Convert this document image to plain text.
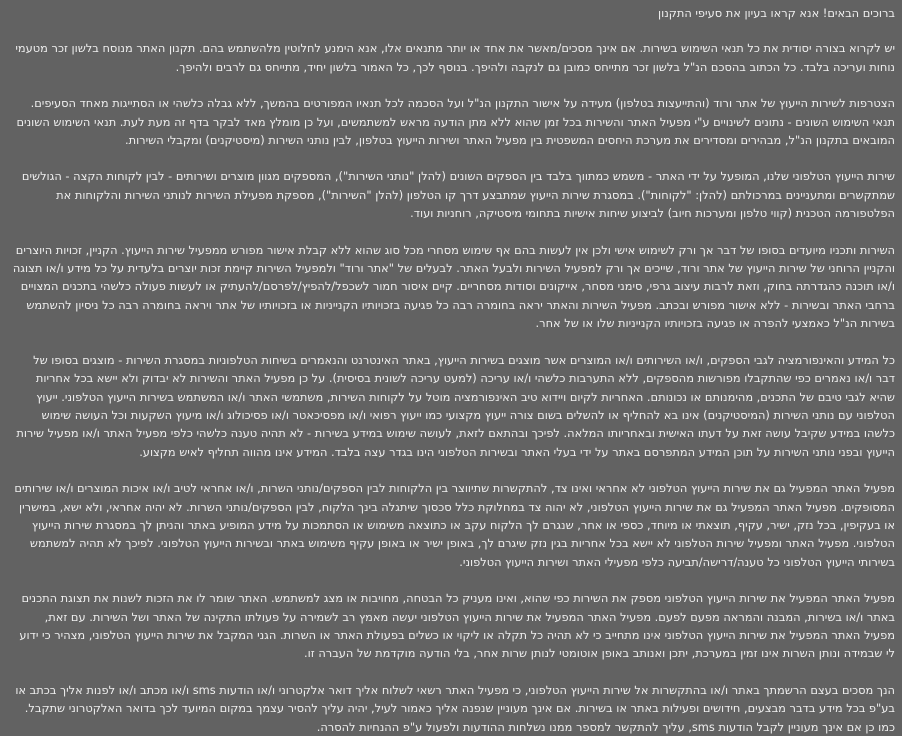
ברוכים הבאים! אנא קראו בעיון את סעיפי התקנון

יש לקרוא בצורה יסודית את כל תנאי השימוש בשירות. אם אינך מסכים/מאשר את אחד או יותר מתנאים אלו, אנא הימנע לחלוטין מלהשתמש בהם. תקנון האתר מנוסח בלשון זכר מטעמי נוחות ועריכה בלבד. כל הכתוב בהסכם הנ"ל בלשון זכר מתייחס כמובן גם לנקבה ולהיפך. בנוסף לכך, כל האמור בלשון יחיד, מתייחס גם לרבים ולהיפך.

הצטרפות לשירות הייעוץ של אתר ורוד (והתייעצות בטלפון) מעידה על אישור התקנון הנ"ל ועל הסכמה לכל תנאיו המפורטים בהמשך, ללא גבלה כלשהי או הסתייגות מאחד הסעיפים. תנאי השימוש השונים - נתונים לשינויים ע"י מפעיל האתר והשירות בכל זמן שהוא ללא מתן הודעה מראש למשתמשים, ועל כן מומלץ מאד לבקר בדף זה מעת לעת. תנאי השימוש השונים המובאים בתקנון הנ"ל, מבהירים ומסדירים את מערכת היחסים המשפטית בין מפעיל האתר ושירות הייעוץ בטלפון, לבין נותני השירות (מיסטיקנים) ומקבלי השירות.

שירות הייעוץ הטלפוני שלנו, המופעל על ידי האתר - משמש כמתווך בלבד בין הספקים השונים (להלן "נותני השירות"), המספקים מגוון מוצרים ושירותים - לבין לקוחות הקצה - הגולשים שמתקשרים ומתעניינים במרכולתם (להלן: "לקוחות"). במסגרת שירות הייעוץ שמתבצע דרך קו הטלפון (להלן "השירות"), מספקת מפעילת השירות לנותני השירות והלקוחות את הפלטפורמה הטכנית (קווי טלפון ומערכות חיוב) לביצוע שיחות אישיות בתחומי מיסטיקה, רוחניות ועוד.

השירות ותכניו מיועדים בסופו של דבר אך ורק לשימוש אישי ולכן אין לעשות בהם אף שימוש מסחרי מכל סוג שהוא ללא קבלת אישור מפורש ממפעיל שירות הייעוץ. הקניין, זכויות היוצרים והקניין הרוחני של שירות הייעוץ של אתר ורוד, שייכים אך ורק למפעיל השירות ולבעל האתר. לבעלים של "אתר ורוד" ולמפעיל השירות קיימת זכות יוצרים בלעדית על כל מידע ו/או תצוגה ו/או תוכנה כהגדרתה בחוק, וזאת לרבות עיצוב גרפי, סימני מסחר, אייקונים וסודות מסחריים. קיים איסור חמור לשכפל/להפיץ/לפרסם/להעתיק או לעשות פעולה כלשהי בתכנים המצויים ברחבי האתר ובשירות - ללא אישור מפורש ובכתב. מפעיל השירות והאתר יראה בחומרה רבה כל פגיעה בזכויותיו הקנייניות או בזכויותיו של אתר ויראה בחומרה רבה כל ניסיון להשתמש בשירות הנ"ל כאמצעי להפרה או פגיעה בזכויותיו הקנייניות שלו או של אחר.

כל המידע והאינפורמציה לגבי הספקים, ו/או השירותים ו/או המוצרים אשר מוצגים בשירות הייעוץ, באתר האינטרנט והנאמרים בשיחות הטלפוניות במסגרת השירות - מוצגים בסופו של דבר ו/או נאמרים כפי שהתקבלו מפורשות מהספקים, ללא התערבות כלשהי ו/או עריכה (למעט עריכה לשונית בסיסית). על כן מפעיל האתר והשירות לא יבדוק ולא יישא בכל אחריות שהיא לגבי טיבם של התכנים, מהימנותם או נכונותם. האחריות לקיום ויידוא טיב האינפורמציה מוטל על לקוחות השירות, משתמשי האתר ו/או המשתמש בשירות הייעוץ הטלפוני. ייעוץ הטלפוני עם נותני השירות (המיסטיקנים) אינו בא להחליף או להשלים בשום צורה ייעוץ מקצועי כמו ייעוץ רפואי ו/או מפסיכאטר ו/או פסיכולוג ו/או מיעוץ השקעות וכל העושה שימוש כלשהו במידע שקיבל עושה זאת על דעתו האישית ובאחריותו המלאה. לפיכך ובהתאם לזאת, לעושה שימוש במידע בשירות - לא תהיה טענה כלשהי כלפי מפעיל האתר ו/או מפעיל שירות הייעוץ ובפני נותני השירות על תוכן המידע המתפרסם באתר על ידי בעלי האתר ובשירות הטלפוני הינו בגדר עצה בלבד. המידע אינו מהווה תחליף לאיש מקצוע.

מפעיל האתר המפעיל גם את שירות הייעוץ הטלפוני לא אחראי ואינו צד, להתקשרות שתיווצר בין הלקוחות לבין הספקים/נותני השרות, ו/או אחראי לטיב ו/או איכות המוצרים ו/או שירותים המסופקים. מפעיל האתר המפעיל גם את שירות הייעוץ הטלפוני, לא יהוה צד במחלוקת כלל סכסוך שיתגלה בינך הלקוח, לבין הספקים/נותני השרות. לא יהיה אחראי, ולא ישא, במישרין או בעקיפין, בכל נזק, ישיר, עקיף, תוצאתי או מיוחד, כספי או אחר, שנגרם לך הלקוח עקב או כתוצאה משימוש או הסתמכות על מידע המופיע באתר והניתן לך במסגרת שירות הייעוץ הטלפוני. מפעיל האתר ומפעיל שירות הטלפוני לא יישא בכל אחריות בגין נזק שיגרם לך, באופן ישיר או באופן עקיף משימוש באתר ובשירות הייעוץ הטלפוני. לפיכך לא תהיה למשתמש בשירותי הייעוץ הטלפוני כל טענה/דרישה/תביעה כלפי מפעילי האתר ושירות הייעוץ הטלפוני.

מפעיל האתר המפעיל את שירות הייעוץ הטלפוני מספק את השירות כפי שהוא, ואינו מעניק כל הבטחה, מחויבות או מצג למשתמש. האתר שומר לו את הזכות לשנות את תצוגת התכנים באתר ו/או בשירות, המבנה והמראה מפעם לפעם. מפעיל האתר המפעיל את שירות הייעוץ הטלפוני יעשה מאמץ רב לשמירה על פעולתו התקינה של האתר ושל השירות. עם זאת, מפעיל האתר המפעיל את שירות הייעוץ הטלפוני אינו מתחייב כי לא תהיה כל תקלה או ליקוי או כשלים בפעולת האתר או השרות. הגני המקבל את שירות הייעוץ הטלפוני, מצהיר כי ידוע לי שבמידה ונותן השרות אינו זמין במערכת, יתכן ואנותב באופן אוטומטי לנותן שרות אחר, בלי הודעה מוקדמת של העברה זו.

הנך מסכים בעצם הרשמתך באתר ו/או בהתקשרות אל שירות הייעוץ הטלפוני, כי מפעיל האתר רשאי לשלוח אליך דואר אלקטרוני ו/או הודעות sms ו/או מכתב ו/או לפנות אליך בכתב או בע"פ בכל מידע בדבר מבצעים, חידושים ופעילות באתר או בשירות. אם אינך מעוניין שנפנה אליך כאמור לעיל, יהיה עליך להסיר עצמך במקום המיועד לכך בדואר האלקטרוני שתקבל. כמו כן אם אינך מעוניין לקבל הודעות sms, עליך להתקשר למספר ממנו נשלחות ההודעות ולפעול ע"פ ההנחיות להסרה.
